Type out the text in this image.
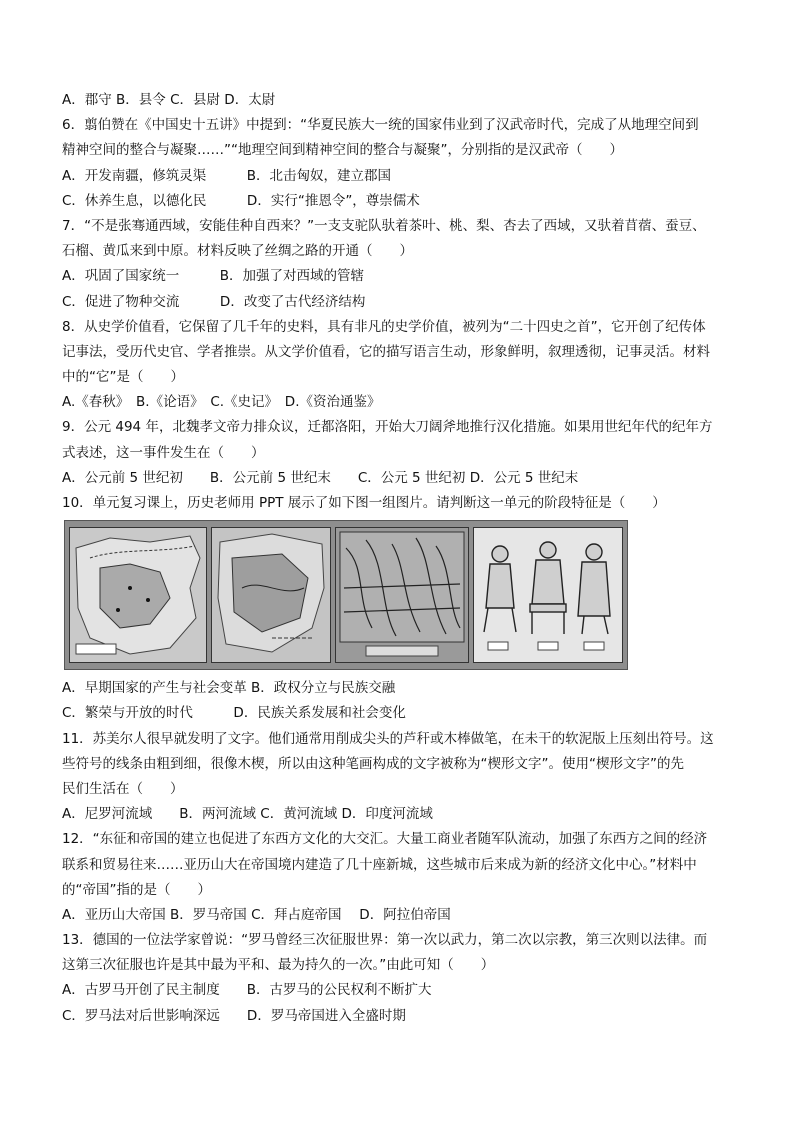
A．郡守 B．县令 C．县尉 D．太尉
6．翦伯赞在《中国史十五讲》中提到：“华夏民族大一统的国家伟业到了汉武帝时代，完成了从地理空间到
精神空间的整合与凝聚……”“地理空间到精神空间的整合与凝聚”，分别指的是汉武帝（　　）
A．开发南疆，修筑灵渠　　　B．北击匈奴，建立郡国
C．休养生息，以德化民　　　D．实行“推恩令”，尊崇儒术
7．“不是张骞通西域，安能佳种自西来？”一支支驼队驮着茶叶、桃、梨、杏去了西域，又驮着苜蓿、蚕豆、
石榴、黄瓜来到中原。材料反映了丝绸之路的开通（　　）
A．巩固了国家统一　　　B．加强了对西域的管辖
C．促进了物种交流　　　D．改变了古代经济结构
8．从史学价值看，它保留了几千年的史料，具有非凡的史学价值，被列为“二十四史之首”，它开创了纪传体
记事法，受历代史官、学者推崇。从文学价值看，它的描写语言生动，形象鲜明，叙理透彻，记事灵活。材料
中的“它”是（　　）
A.《春秋》　B.《论语》　C.《史记》　D.《资治通鉴》
9．公元 494 年，北魏孝文帝力排众议，迁都洛阳，开始大刀阔斧地推行汉化措施。如果用世纪年代的纪年方
式表述，这一事件发生在（　　）
A．公元前 5 世纪初　　B．公元前 5 世纪末　　C．公元 5 世纪初 D．公元 5 世纪末
10．单元复习课上，历史老师用 PPT 展示了如下图一组图片。请判断这一单元的阶段特征是（　　）
A．早期国家的产生与社会变革 B．政权分立与民族交融
C．繁荣与开放的时代　　　D．民族关系发展和社会变化
11．苏美尔人很早就发明了文字。他们通常用削成尖头的芦秆或木棒做笔，在未干的软泥版上压刻出符号。这
些符号的线条由粗到细，很像木楔，所以由这种笔画构成的文字被称为“楔形文字”。使用“楔形文字”的先
民们生活在（　　）
A．尼罗河流域　　B．两河流域 C．黄河流域 D．印度河流域
12．“东征和帝国的建立也促进了东西方文化的大交汇。大量工商业者随军队流动，加强了东西方之间的经济
联系和贸易往来……亚历山大在帝国境内建造了几十座新城，这些城市后来成为新的经济文化中心。”材料中
的“帝国”指的是（　　）
A．亚历山大帝国 B．罗马帝国 C．拜占庭帝国　 D．阿拉伯帝国
13．德国的一位法学家曾说：“罗马曾经三次征服世界：第一次以武力，第二次以宗教，第三次则以法律。而
这第三次征服也许是其中最为平和、最为持久的一次。”由此可知（　　）
A．古罗马开创了民主制度　　B．古罗马的公民权利不断扩大
C．罗马法对后世影响深远　　D．罗马帝国进入全盛时期
